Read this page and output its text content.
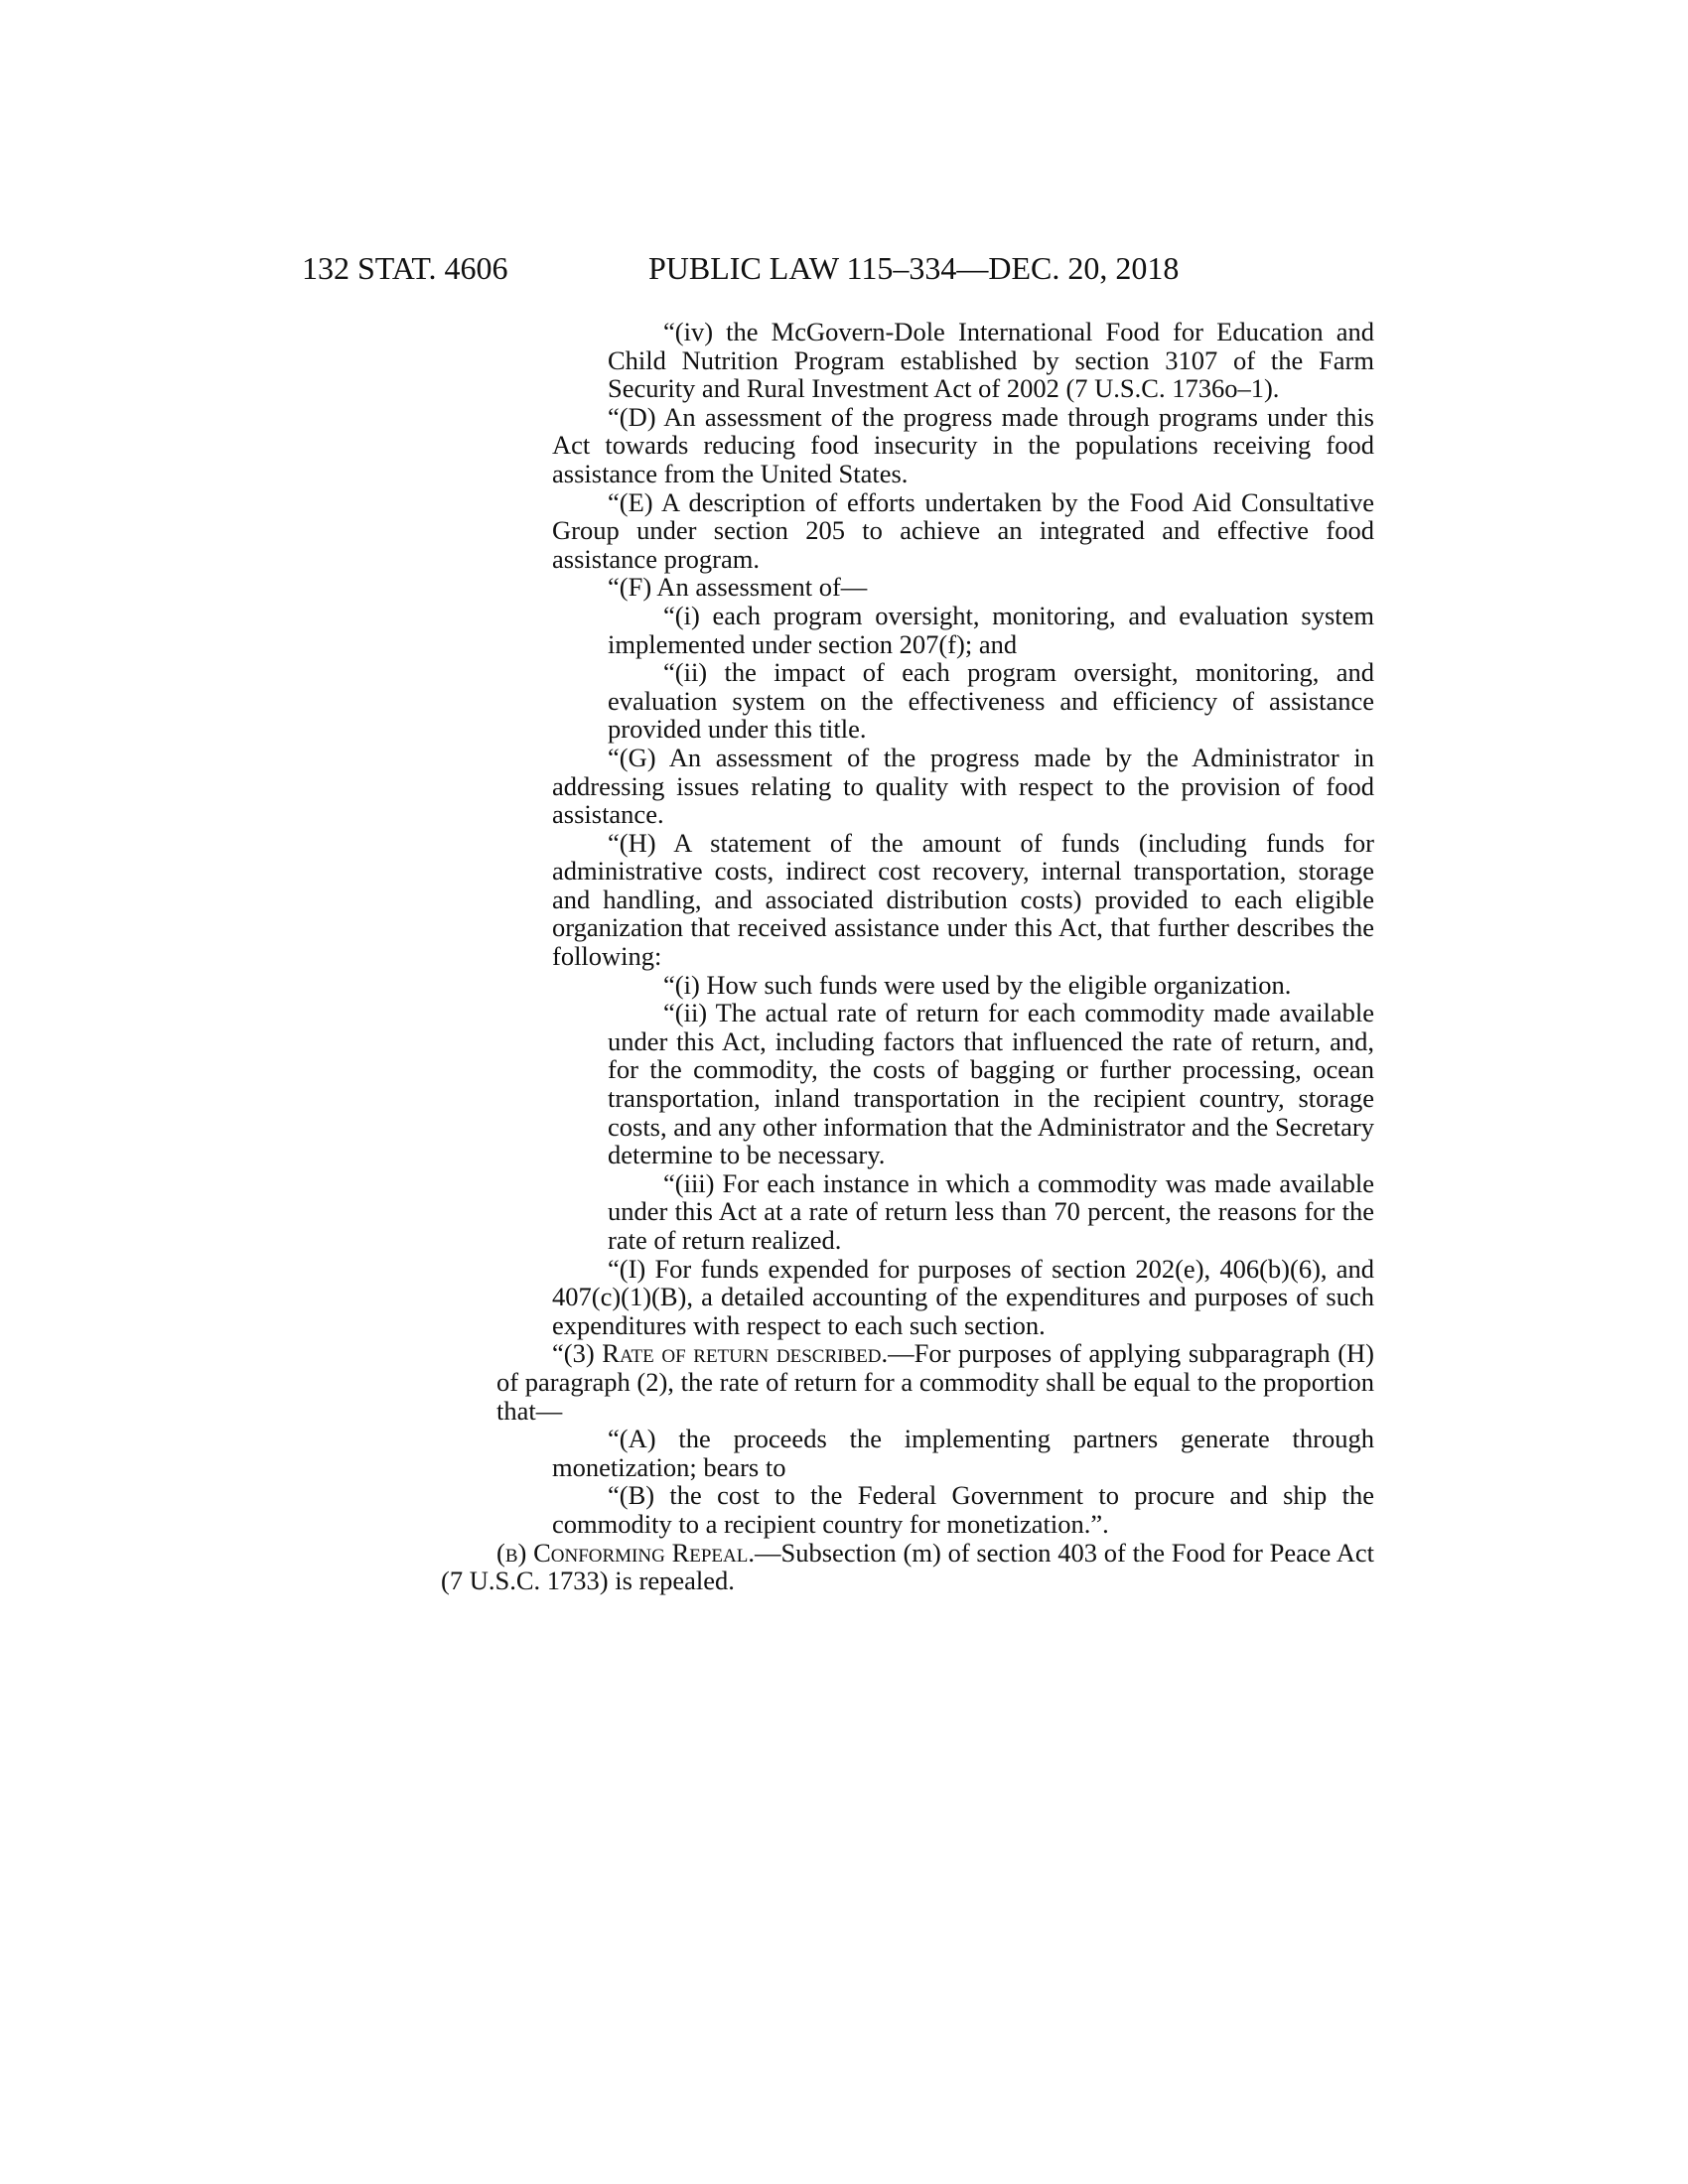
132 STAT. 4606	PUBLIC LAW 115–334—DEC. 20, 2018

“(iv) the McGovern-Dole International Food for Education and Child Nutrition Program established by section 3107 of the Farm Security and Rural Investment Act of 2002 (7 U.S.C. 1736o–1).

“(D) An assessment of the progress made through programs under this Act towards reducing food insecurity in the populations receiving food assistance from the United States.

“(E) A description of efforts undertaken by the Food Aid Consultative Group under section 205 to achieve an integrated and effective food assistance program.

“(F) An assessment of—

“(i) each program oversight, monitoring, and evaluation system implemented under section 207(f); and

“(ii) the impact of each program oversight, monitoring, and evaluation system on the effectiveness and efficiency of assistance provided under this title.

“(G) An assessment of the progress made by the Administrator in addressing issues relating to quality with respect to the provision of food assistance.

“(H) A statement of the amount of funds (including funds for administrative costs, indirect cost recovery, internal transportation, storage and handling, and associated distribution costs) provided to each eligible organization that received assistance under this Act, that further describes the following:

“(i) How such funds were used by the eligible organization.

“(ii) The actual rate of return for each commodity made available under this Act, including factors that influenced the rate of return, and, for the commodity, the costs of bagging or further processing, ocean transportation, inland transportation in the recipient country, storage costs, and any other information that the Administrator and the Secretary determine to be necessary.

“(iii) For each instance in which a commodity was made available under this Act at a rate of return less than 70 percent, the reasons for the rate of return realized.

“(I) For funds expended for purposes of section 202(e), 406(b)(6), and 407(c)(1)(B), a detailed accounting of the expenditures and purposes of such expenditures with respect to each such section.

“(3) Rate of return described.—For purposes of applying subparagraph (H) of paragraph (2), the rate of return for a commodity shall be equal to the proportion that—

“(A) the proceeds the implementing partners generate through monetization; bears to

“(B) the cost to the Federal Government to procure and ship the commodity to a recipient country for monetization.”.

(b) Conforming Repeal.—Subsection (m) of section 403 of the Food for Peace Act (7 U.S.C. 1733) is repealed.
